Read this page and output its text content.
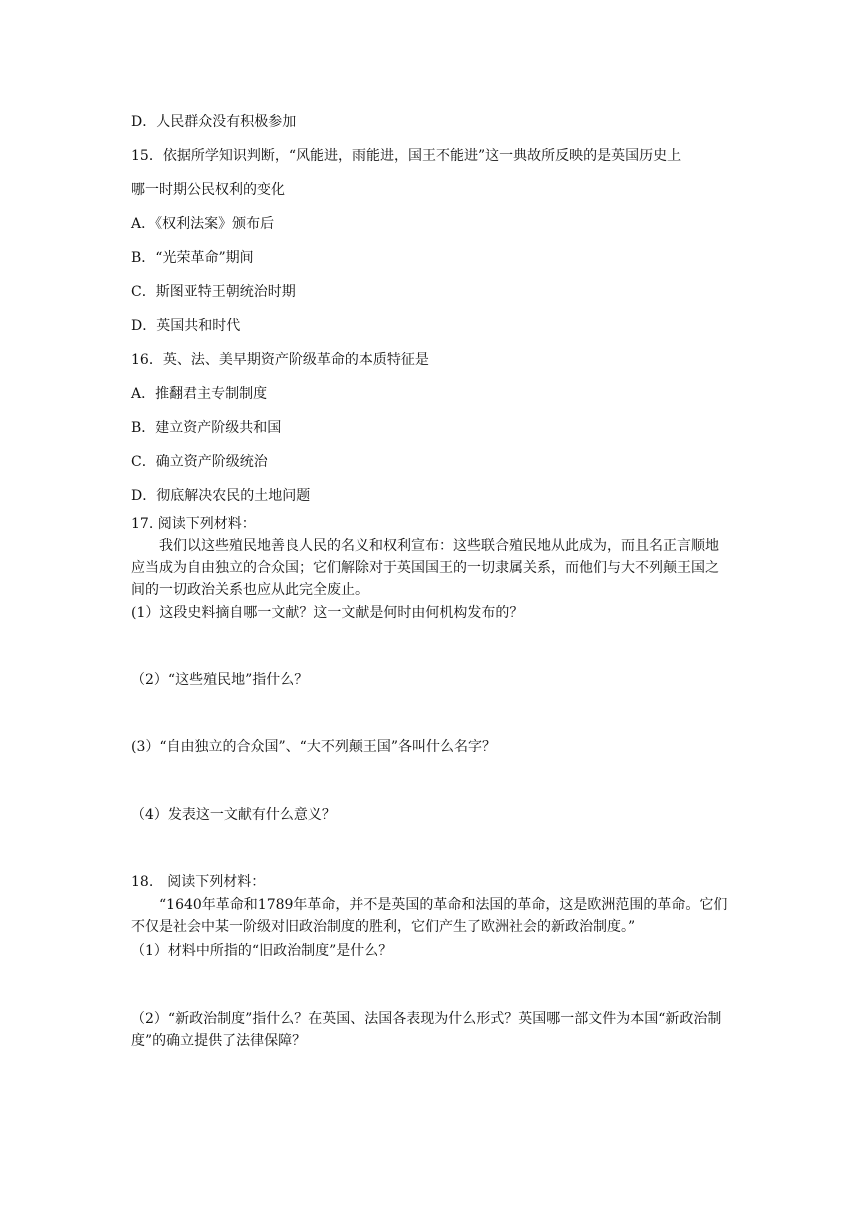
D．人民群众没有积极参加
15．依据所学知识判断，“风能进，雨能进，国王不能进”这一典故所反映的是英国历史上
哪一时期公民权利的变化
A．《权利法案》颁布后
B．“光荣革命”期间
C．斯图亚特王朝统治时期
D．英国共和时代
16．英、法、美早期资产阶级革命的本质特征是
A．推翻君主专制制度
B．建立资产阶级共和国
C．确立资产阶级统治
D．彻底解决农民的土地问题
17. 阅读下列材料：
我们以这些殖民地善良人民的名义和权利宣布：这些联合殖民地从此成为，而且名正言顺地应当成为自由独立的合众国；它们解除对于英国国王的一切隶属关系，而他们与大不列颠王国之间的一切政治关系也应从此完全废止。
(1）这段史料摘自哪一文献？这一文献是何时由何机构发布的？
（2）“这些殖民地”指什么？
(3）“自由独立的合众国”、“大不列颠王国”各叫什么名字？
（4）发表这一文献有什么意义？
18.　阅读下列材料：
“1640年革命和1789年革命，并不是英国的革命和法国的革命，这是欧洲范围的革命。它们不仅是社会中某一阶级对旧政治制度的胜利，它们产生了欧洲社会的新政治制度。”
（1）材料中所指的“旧政治制度”是什么？
（2）“新政治制度”指什么？在英国、法国各表现为什么形式？英国哪一部文件为本国“新政治制度”的确立提供了法律保障？
